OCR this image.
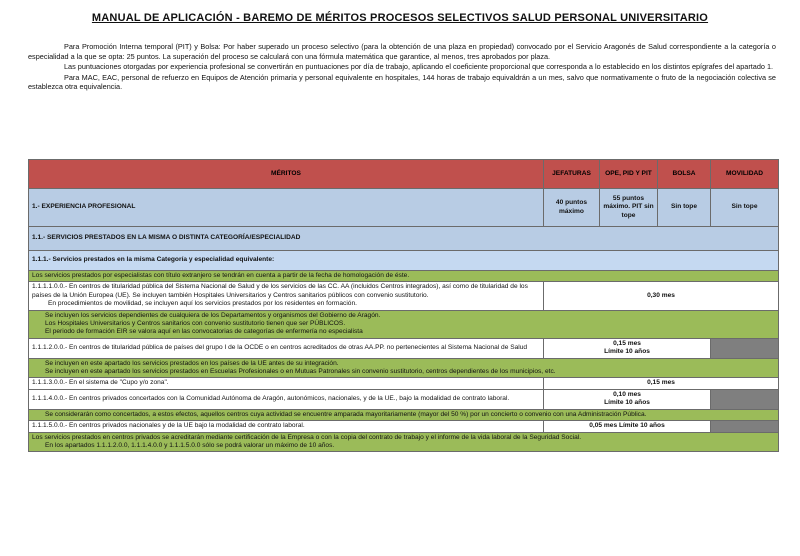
MANUAL DE APLICACIÓN - BAREMO DE MÉRITOS PROCESOS SELECTIVOS SALUD PERSONAL UNIVERSITARIO

Para Promoción Interna temporal (PIT) y Bolsa: Por haber superado un proceso selectivo (para la obtención de una plaza en propiedad) convocado por el Servicio Aragonés de Salud correspondiente a la categoría o especialidad a la que se opta: 25 puntos. La superación del proceso se calculará con una fórmula matemática que garantice, al menos, tres aprobados por plaza.

Las puntuaciones otorgadas por experiencia profesional se convertirán en puntuaciones por día de trabajo, aplicando el coeficiente proporcional que corresponda a lo establecido en los distintos epígrafes del apartado 1.

Para MAC, EAC, personal de refuerzo en Equipos de Atención primaria y personal equivalente en hospitales, 144 horas de trabajo equivaldrán a un mes, salvo que normativamente o fruto de la negociación colectiva se establezca otra equivalencia.

MÉRITOS	JEFATURAS	OPE, PID Y PIT	BOLSA	MOVILIDAD
1.- EXPERIENCIA PROFESIONAL	40 puntos máximo	55 puntos máximo. PIT sin tope	Sin tope	Sin tope
1.1.- SERVICIOS PRESTADOS EN LA MISMA O DISTINTA CATEGORÍA/ESPECIALIDAD				
1.1.1.- Servicios prestados en la misma Categoría y especialidad equivalente:				
Los servicios prestados por especialistas con título extranjero se tendrán en cuenta a partir de la fecha de homologación de éste.				

1.1.1.1.0.0.- En centros de titularidad pública del Sistema Nacional de Salud y de los servicios de las CC. AA (incluidos Centros integrados), así como de titularidad de los países de la Unión Europea (UE). Se incluyen también Hospitales Universitarios y Centros sanitarios públicos con convenio sustitutorio.
En procedimientos de movilidad, se incluyen aquí los servicios prestados por los residentes en formación.	0,30 mes			

Se incluyen los servicios dependientes de cualquiera de los Departamentos y organismos del Gobierno de Aragón.
Los Hospitales Universitarios y Centros sanitarios con convenio sustitutorio tienen que ser PÚBLICOS.
El periodo de formación EIR se valora aquí en las convocatorias de categorías de enfermería no especialista				

1.1.1.2.0.0.- En centros de titularidad pública de países del grupo I de la OCDE o en centros acreditados de otras AA.PP. no pertenecientes al Sistema Nacional de Salud	0,15 mes
Límite 10 años			

Se incluyen en este apartado los servicios prestados en los países de la UE antes de su integración.
Se incluyen en este apartado los servicios prestados en Escuelas Profesionales o en Mutuas Patronales sin convenio sustitutorio, centros dependientes de los municipios, etc.				

1.1.1.3.0.0.- En el sistema de "Cupo y/o zona".	0,15 mes			
1.1.1.4.0.0.- En centros privados concertados con la Comunidad Autónoma de Aragón, autonómicos, nacionales, y de la UE., bajo la modalidad de contrato laboral.	0,10 mes
Límite 10 años			

Se considerarán como concertados, a estos efectos, aquellos centros cuya actividad se encuentre amparada mayoritariamente (mayor del 50 %) por un concierto o convenio con una Administración Pública.				
1.1.1.5.0.0.- En centros privados nacionales y de la UE bajo la modalidad de contrato laboral.	0,05 mes Límite 10 años			

Los servicios prestados en centros privados se acreditarán mediante certificación de la Empresa o con la copia del contrato de trabajo y el informe de la vida laboral de la Seguridad Social.
En los apartados 1.1.1.2.0.0, 1.1.1.4.0.0 y 1.1.1.5.0.0 sólo se podrá valorar un máximo de 10 años.				
